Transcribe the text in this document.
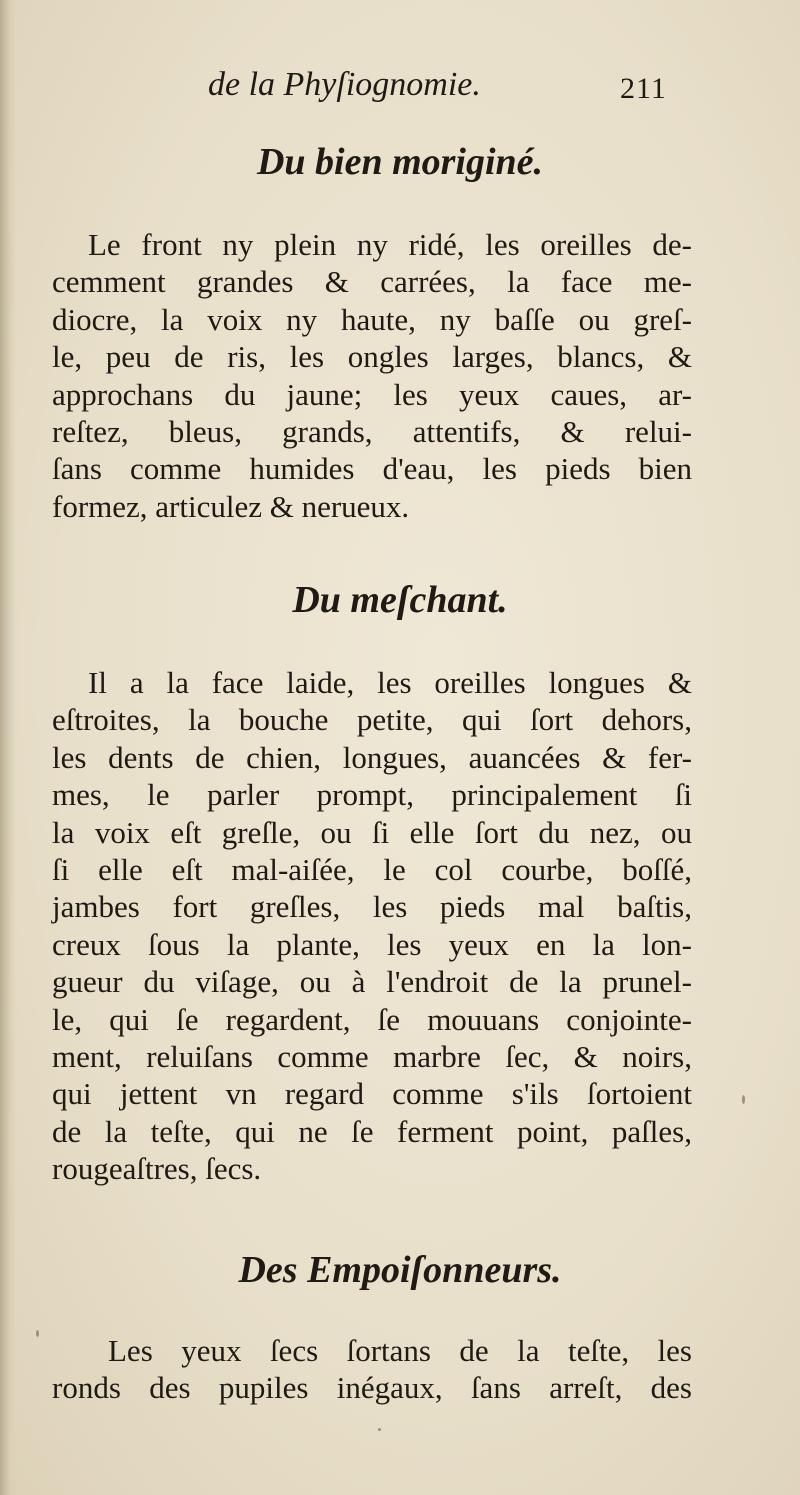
de la Phyſiognomie.	211
Du bien moriginé.
Le front ny plein ny ridé, les oreilles de-
cemment grandes & carrées, la face me-
diocre, la voix ny haute, ny baſſe ou greſ-
le, peu de ris, les ongles larges, blancs, &
approchans du jaune; les yeux caues, ar-
reſtez, bleus, grands, attentifs, & relui-
ſans comme humides d'eau, les pieds bien
formez, articulez & nerueux.
Du meſchant.
Il a la face laide, les oreilles longues &
eſtroites, la bouche petite, qui ſort dehors,
les dents de chien, longues, auancées & fer-
mes, le parler prompt, principalement ſi
la voix eſt greſle, ou ſi elle ſort du nez, ou
ſi elle eſt mal-aiſée, le col courbe, boſſé,
jambes fort greſles, les pieds mal baſtis,
creux ſous la plante, les yeux en la lon-
gueur du viſage, ou à l'endroit de la prunel-
le, qui ſe regardent, ſe mouuans conjointe-
ment, reluiſans comme marbre ſec, & noirs,
qui jettent vn regard comme s'ils ſortoient
de la teſte, qui ne ſe ferment point, paſles,
rougeaſtres, ſecs.
Des Empoiſonneurs.
Les yeux ſecs ſortans de la teſte, les
ronds des pupiles inégaux, ſans arreſt, des
